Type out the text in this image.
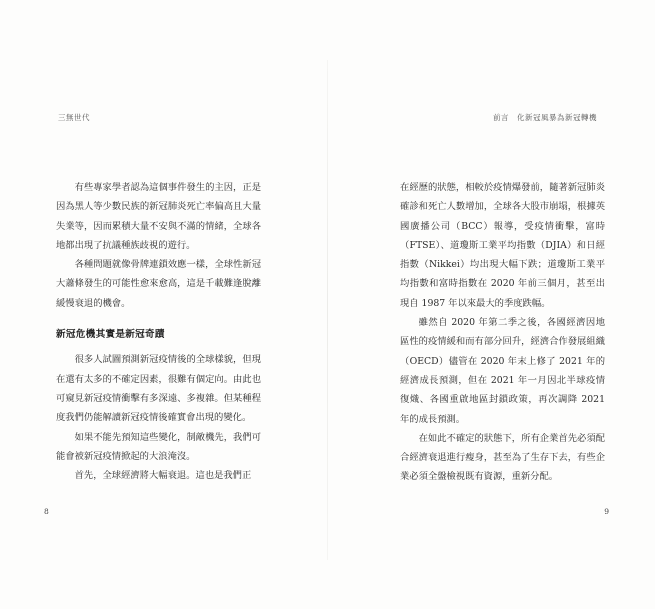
三無世代

有些專家學者認為這個事件發生的主因，正是因為黑人等少數民族的新冠肺炎死亡率偏高且大量失業等，因而累積大量不安與不滿的情緒，全球各地都出現了抗議種族歧視的遊行。

各種問題就像骨牌連鎖效應一樣，全球性新冠大蕭條發生的可能性愈來愈高，這是千載難逢脫離緩慢衰退的機會。

新冠危機其實是新冠奇蹟

很多人試圖預測新冠疫情後的全球樣貌，但現在還有太多的不確定因素，很難有個定向。由此也可窺見新冠疫情衝擊有多深遠、多複雜。但某種程度我們仍能解讀新冠疫情後確實會出現的變化。

如果不能先預知這些變化，制敵機先，我們可能會被新冠疫情掀起的大浪淹沒。

首先，全球經濟將大幅衰退。這也是我們正

8
前言　化新冠風暴為新冠轉機

在經歷的狀態，相較於疫情爆發前，隨著新冠肺炎確診和死亡人數增加，全球各大股市崩塌，根據英國廣播公司（BCC）報導，受疫情衝擊，富時（FTSE）、道瓊斯工業平均指數（DJIA）和日經指數（Nikkei）均出現大幅下跌；道瓊斯工業平均指數和富時指數在 2020 年前三個月，甚至出現自 1987 年以來最大的季度跌幅。

雖然自 2020 年第二季之後，各國經濟因地區性的疫情緩和而有部分回升，經濟合作發展組織（OECD）儘管在 2020 年末上修了 2021 年的經濟成長預測，但在 2021 年一月因北半球疫情復熾、各國重啟地區封鎖政策，再次調降 2021 年的成長預測。

在如此不確定的狀態下，所有企業首先必須配合經濟衰退進行瘦身，甚至為了生存下去，有些企業必須全盤檢視既有資源，重新分配。

9
